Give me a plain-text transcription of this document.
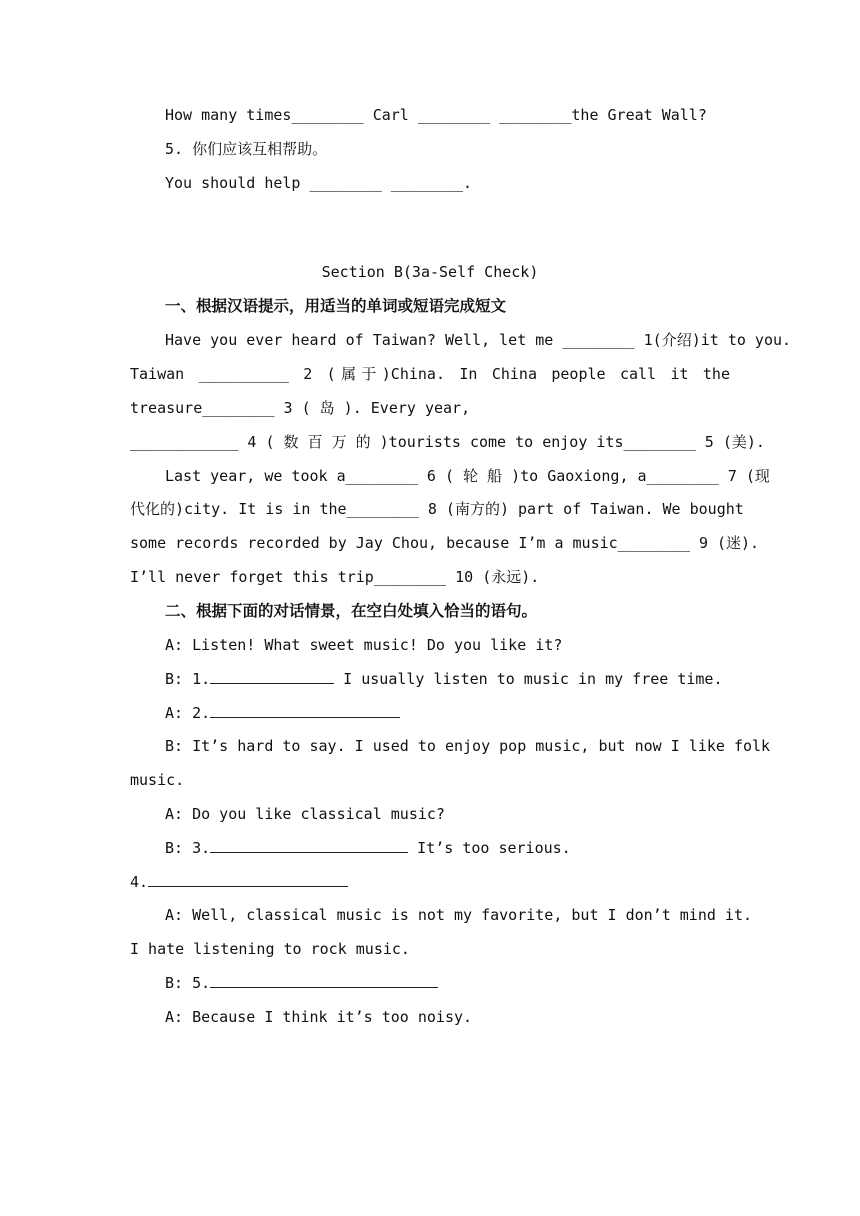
How many times________ Carl ________ ________the Great Wall?
5. 你们应该互相帮助。
You should help ________ ________.
Section B(3a-Self Check)
一、根据汉语提示，用适当的单词或短语完成短文
Have you ever heard of Taiwan? Well, let me ________ 1(介绍)it to you.
Taiwan __________ 2 (属于)China. In China people call it the
treasure________ 3 ( 岛 ). Every year,
____________ 4 ( 数 百 万 的 )tourists come to enjoy its________ 5 (美).
Last year, we took a________ 6 ( 轮 船 )to Gaoxiong, a________ 7 (现
代化的)city. It is in the________ 8 (南方的) part of Taiwan. We bought
some records recorded by Jay Chou, because I’m a music________ 9 (迷).
I’ll never forget this trip________ 10 (永远).
二、根据下面的对话情景，在空白处填入恰当的语句。
A: Listen! What sweet music! Do you like it?
B: 1.	I usually listen to music in my free time.
A: 2.
B: It’s hard to say. I used to enjoy pop music, but now I like folk
music.
A: Do you like classical music?
B: 3.	It’s too serious.
4.
A: Well, classical music is not my favorite, but I don’t mind it.
I hate listening to rock music.
B: 5.
A: Because I think it’s too noisy.
